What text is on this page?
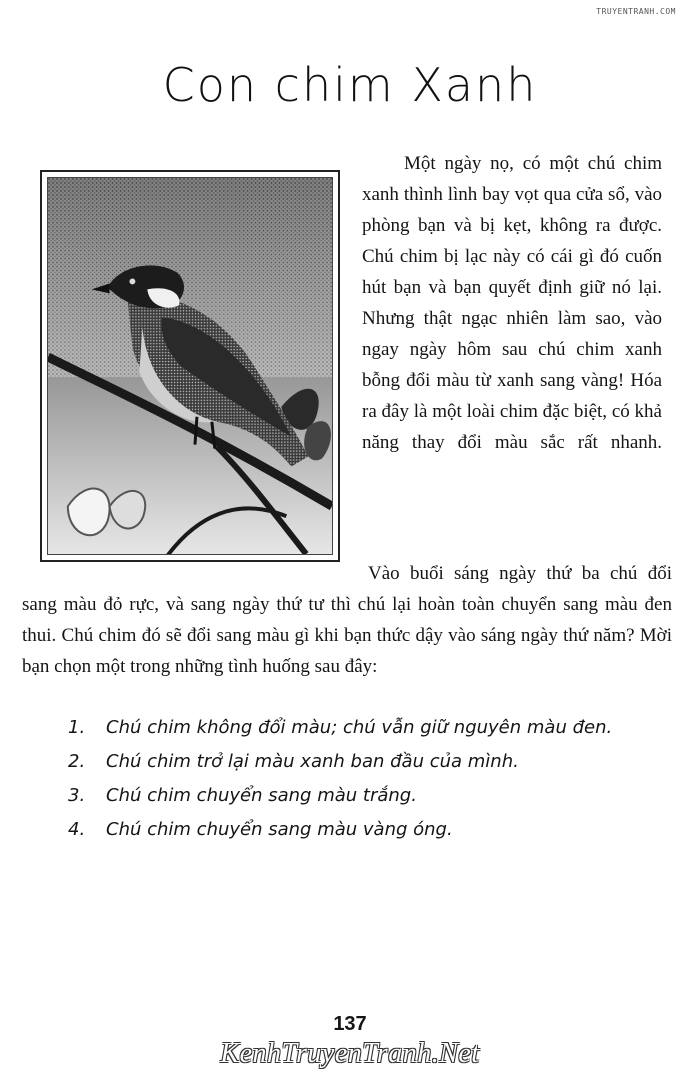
TRUYENTRANH.COM
Con chim Xanh

Một ngày nọ, có một chú chim xanh thình lình bay vọt qua cửa sổ, vào phòng bạn và bị kẹt, không ra được. Chú chim bị lạc này có cái gì đó cuốn hút bạn và bạn quyết định giữ nó lại. Nhưng thật ngạc nhiên làm sao, vào ngay ngày hôm sau chú chim xanh bỗng đổi màu từ xanh sang vàng! Hóa ra đây là một loài chim đặc biệt, có khả năng thay đổi màu sắc rất nhanh.

Vào buổi sáng ngày thứ ba chú đổi sang màu đỏ rực, và sang ngày thứ tư thì chú lại hoàn toàn chuyển sang màu đen thui. Chú chim đó sẽ đổi sang màu gì khi bạn thức dậy vào sáng ngày thứ năm? Mời bạn chọn một trong những tình huống sau đây:

1.	Chú chim không đổi màu; chú vẫn giữ nguyên màu đen.
2.	Chú chim trở lại màu xanh ban đầu của mình.
3.	Chú chim chuyển sang màu trắng.
4.	Chú chim chuyển sang màu vàng óng.
137
KenhTruyenTranh.Net
